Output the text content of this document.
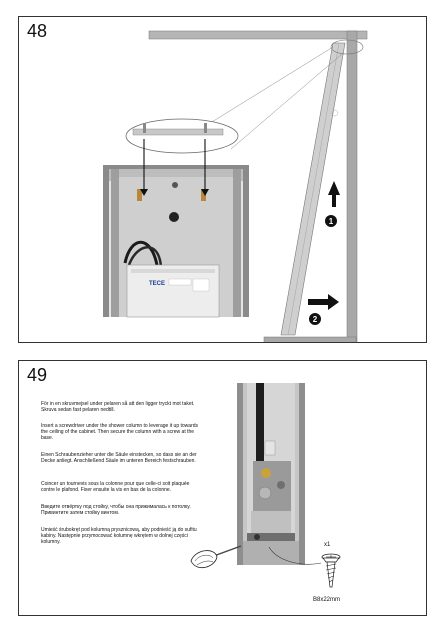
48
TECE
1
2
49

För in en skruvmejsel under pelaren så att den ligger tryckt mot taket. Skruva sedan fast pelaren nedtill.

Insert a screwdriver under the shower column to leverage it up towards the ceiling of the cabinet. Then secure the column with a screw at the base.

Einen Schraubenzieher unter die Säule einstecken, so dass sie an der Decke anliegt. Anschließend Säule im unteren Bereich festschrauben.

Coincer un tournevis sous la colonne pour que celle-ci soit plaquée contre le plafond. Fixer ensuite la vis en bas de la colonne.

Введите отвёртку под стойку, чтобы она прижималась к потолку. Привинтите затем стойку винтом.

Umieść śrubokręt pod kolumną prysznicową, aby podnieść ją do sufitu kabiny. Następnie przymocować kolumnę wkrętem w dolnej części kolumny.	x1
B8x22mm
